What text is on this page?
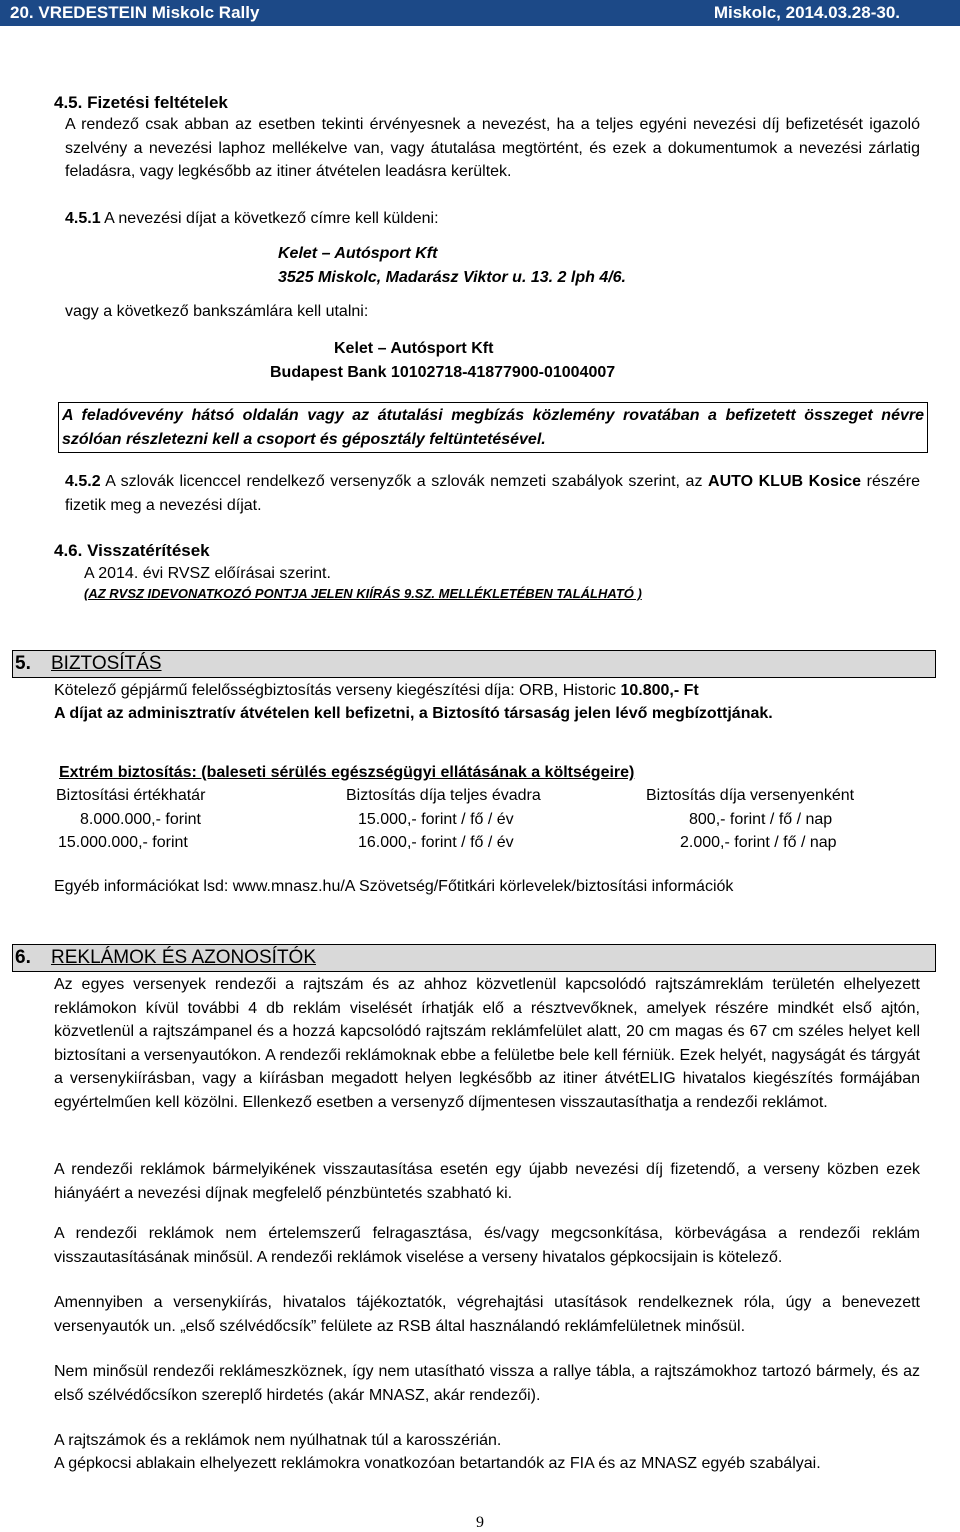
20. VREDESTEIN Miskolc Rally	Miskolc, 2014.03.28-30.
4.5. Fizetési feltételek
A rendező csak abban az esetben tekinti érvényesnek a nevezést, ha a teljes egyéni nevezési díj befizetését igazoló szelvény a nevezési laphoz mellékelve van, vagy átutalása megtörtént, és ezek a dokumentumok a nevezési zárlatig feladásra, vagy legkésőbb az itiner átvételen leadásra kerültek.
4.5.1 A nevezési díjat a következő címre kell küldeni:
Kelet – Autósport Kft
3525 Miskolc, Madarász Viktor u. 13. 2 lph 4/6.
vagy a következő bankszámlára kell utalni:
Kelet – Autósport Kft
Budapest Bank 10102718-41877900-01004007
A feladóvevény hátsó oldalán vagy az átutalási megbízás közlemény rovatában a befizetett összeget névre szólóan részletezni kell a csoport és géposztály feltüntetésével.
4.5.2 A szlovák licenccel rendelkező versenyzők a szlovák nemzeti szabályok szerint, az AUTO KLUB Kosice részére fizetik meg a nevezési díjat.
4.6. Visszatérítések
A 2014. évi RVSZ előírásai szerint.
(AZ RVSZ IDEVONATKOZÓ PONTJA JELEN KIÍRÁS 9.SZ. MELLÉKLETÉBEN TALÁLHATÓ )
5. BIZTOSÍTÁS
Kötelező gépjármű felelősségbiztosítás verseny kiegészítési díja: ORB, Historic 10.800,- Ft
A díjat az adminisztratív átvételen kell befizetni, a Biztosító társaság jelen lévő megbízottjának.
Extrém biztosítás: (baleseti sérülés egészségügyi ellátásának a költségeire)
Biztosítási értékhatár	Biztosítás díja teljes évadra	Biztosítás díja versenyenként
8.000.000,- forint	15.000,- forint / fő / év	800,- forint / fő / nap
15.000.000,- forint	16.000,- forint / fő / év	2.000,- forint / fő / nap
Egyéb információkat lsd: www.mnasz.hu/A Szövetség/Főtitkári körlevelek/biztosítási információk
6. REKLÁMOK ÉS AZONOSÍTÓK
Az egyes versenyek rendezői a rajtszám és az ahhoz közvetlenül kapcsolódó rajtszámreklám területén elhelyezett reklámokon kívül további 4 db reklám viselését írhatják elő a résztvevőknek, amelyek részére mindkét első ajtón, közvetlenül a rajtszámpanel és a hozzá kapcsolódó rajtszám reklámfelület alatt, 20 cm magas és 67 cm széles helyet kell biztosítani a versenyautókon. A rendezői reklámoknak ebbe a felületbe bele kell férniük. Ezek helyét, nagyságát és tárgyát a versenykiírásban, vagy a kiírásban megadott helyen legkésőbb az itiner átvétELIG hivatalos kiegészítés formájában egyértelműen kell közölni. Ellenkező esetben a versenyző díjmentesen visszautasíthatja a rendezői reklámot.
A rendezői reklámok bármelyikének visszautasítása esetén egy újabb nevezési díj fizetendő, a verseny közben ezek hiányáért a nevezési díjnak megfelelő pénzbüntetés szabható ki.
A rendezői reklámok nem értelemszerű felragasztása, és/vagy megcsonkítása, körbevágása a rendezői reklám visszautasításának minősül. A rendezői reklámok viselése a verseny hivatalos gépkocsijain is kötelező.
Amennyiben a versenykiírás, hivatalos tájékoztatók, végrehajtási utasítások rendelkeznek róla, úgy a benevezett versenyautók un. „első szélvédőcsík” felülete az RSB által használandó reklámfelületnek minősül.
Nem minősül rendezői reklámeszköznek, így nem utasítható vissza a rallye tábla, a rajtszámokhoz tartozó bármely, és az első szélvédőcsíkon szereplő hirdetés (akár MNASZ, akár rendezői).
A rajtszámok és a reklámok nem nyúlhatnak túl a karosszérián.
A gépkocsi ablakain elhelyezett reklámokra vonatkozóan betartandók az FIA és az MNASZ egyéb szabályai.
9
